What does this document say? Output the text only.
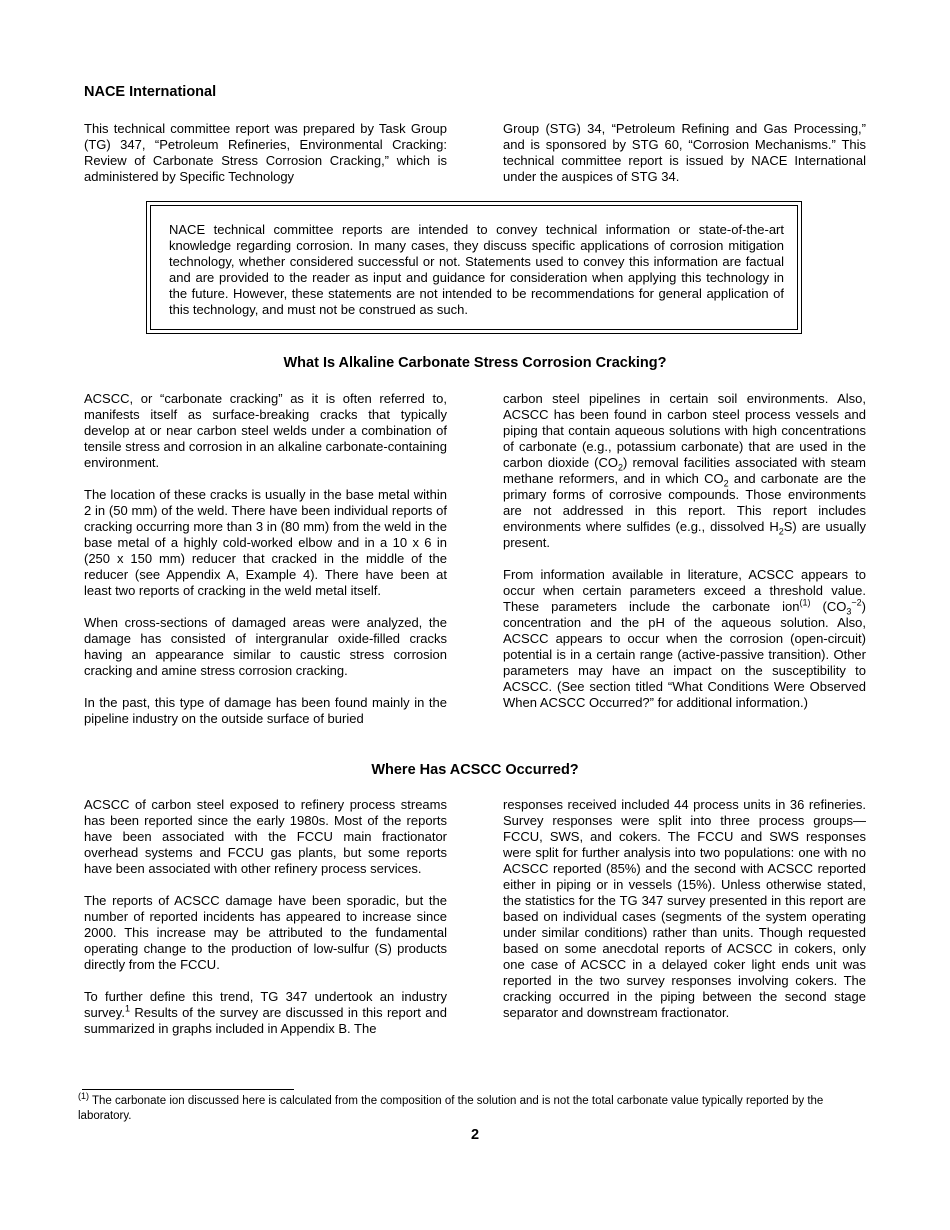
NACE International

This technical committee report was prepared by Task Group (TG) 347, “Petroleum Refineries, Environmental Cracking: Review of Carbonate Stress Corrosion Cracking,” which is administered by Specific Technology

Group (STG) 34, “Petroleum Refining and Gas Processing,” and is sponsored by STG 60, “Corrosion Mechanisms.” This technical committee report is issued by NACE International under the auspices of STG 34.

NACE technical committee reports are intended to convey technical information or state-of-the-art knowledge regarding corrosion. In many cases, they discuss specific applications of corrosion mitigation technology, whether considered successful or not. Statements used to convey this information are factual and are provided to the reader as input and guidance for consideration when applying this technology in the future. However, these statements are not intended to be recommendations for general application of this technology, and must not be construed as such.

What Is Alkaline Carbonate Stress Corrosion Cracking?

ACSCC, or “carbonate cracking” as it is often referred to, manifests itself as surface-breaking cracks that typically develop at or near carbon steel welds under a combination of tensile stress and corrosion in an alkaline carbonate-containing environment.

The location of these cracks is usually in the base metal within 2 in (50 mm) of the weld. There have been individual reports of cracking occurring more than 3 in (80 mm) from the weld in the base metal of a highly cold-worked elbow and in a 10 x 6 in (250 x 150 mm) reducer that cracked in the middle of the reducer (see Appendix A, Example 4). There have been at least two reports of cracking in the weld metal itself.

When cross-sections of damaged areas were analyzed, the damage has consisted of intergranular oxide-filled cracks having an appearance similar to caustic stress corrosion cracking and amine stress corrosion cracking.

In the past, this type of damage has been found mainly in the pipeline industry on the outside surface of buried

carbon steel pipelines in certain soil environments. Also, ACSCC has been found in carbon steel process vessels and piping that contain aqueous solutions with high concentrations of carbonate (e.g., potassium carbonate) that are used in the carbon dioxide $(CO_2)$ removal facilities associated with steam methane reformers, and in which $CO_2$ and carbonate are the primary forms of corrosive compounds. Those environments are not addressed in this report. This report includes environments where sulfides (e.g., dissolved $H_2S$) are usually present.

From information available in literature, ACSCC appears to occur when certain parameters exceed a threshold value. These parameters include the carbonate ion$^{(1)}$ $(CO_3^{-2})$ concentration and the pH of the aqueous solution. Also, ACSCC appears to occur when the corrosion (open-circuit) potential is in a certain range (active-passive transition). Other parameters may have an impact on the susceptibility to ACSCC. (See section titled “What Conditions Were Observed When ACSCC Occurred?” for additional information.)

Where Has ACSCC Occurred?

ACSCC of carbon steel exposed to refinery process streams has been reported since the early 1980s. Most of the reports have been associated with the FCCU main fractionator overhead systems and FCCU gas plants, but some reports have been associated with other refinery process services.

The reports of ACSCC damage have been sporadic, but the number of reported incidents has appeared to increase since 2000. This increase may be attributed to the fundamental operating change to the production of low-sulfur (S) products directly from the FCCU.

To further define this trend, TG 347 undertook an industry survey.$^1$ Results of the survey are discussed in this report and summarized in graphs included in Appendix B. The

responses received included 44 process units in 36 refineries. Survey responses were split into three process groups—FCCU, SWS, and cokers. The FCCU and SWS responses were split for further analysis into two populations: one with no ACSCC reported (85%) and the second with ACSCC reported either in piping or in vessels (15%). Unless otherwise stated, the statistics for the TG 347 survey presented in this report are based on individual cases (segments of the system operating under similar conditions) rather than units. Though requested based on some anecdotal reports of ACSCC in cokers, only one case of ACSCC in a delayed coker light ends unit was reported in the two survey responses involving cokers. The cracking occurred in the piping between the second stage separator and downstream fractionator.

$^{(1)}$ The carbonate ion discussed here is calculated from the composition of the solution and is not the total carbonate value typically reported by the laboratory.

2
